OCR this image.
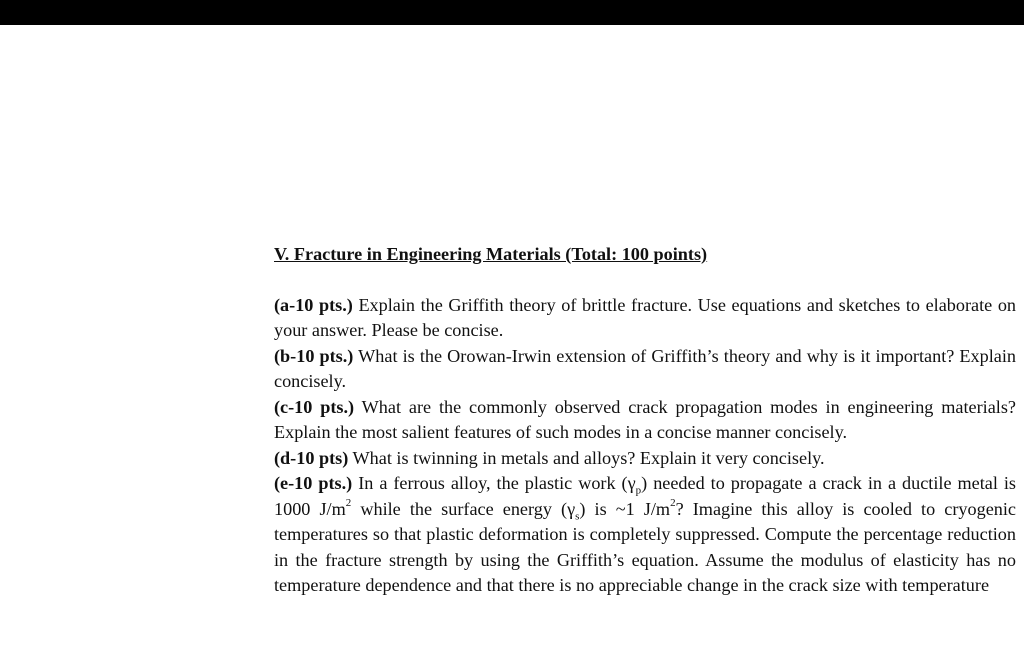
V. Fracture in Engineering Materials (Total: 100 points)

(a-10 pts.) Explain the Griffith theory of brittle fracture. Use equations and sketches to elaborate on your answer. Please be concise.

(b-10 pts.) What is the Orowan-Irwin extension of Griffith’s theory and why is it important? Explain concisely.

(c-10 pts.) What are the commonly observed crack propagation modes in engineering materials? Explain the most salient features of such modes in a concise manner concisely.

(d-10 pts) What is twinning in metals and alloys? Explain it very concisely.

(e-10 pts.) In a ferrous alloy, the plastic work $(\gamma_p)$ needed to propagate a crack in a ductile metal is 1000 $J/m^2$ while the surface energy $(\gamma_s)$ is ~1 $J/m^2$? Imagine this alloy is cooled to cryogenic temperatures so that plastic deformation is completely suppressed. Compute the percentage reduction in the fracture strength by using the Griffith’s equation. Assume the modulus of elasticity has no temperature dependence and that there is no appreciable change in the crack size with temperature
